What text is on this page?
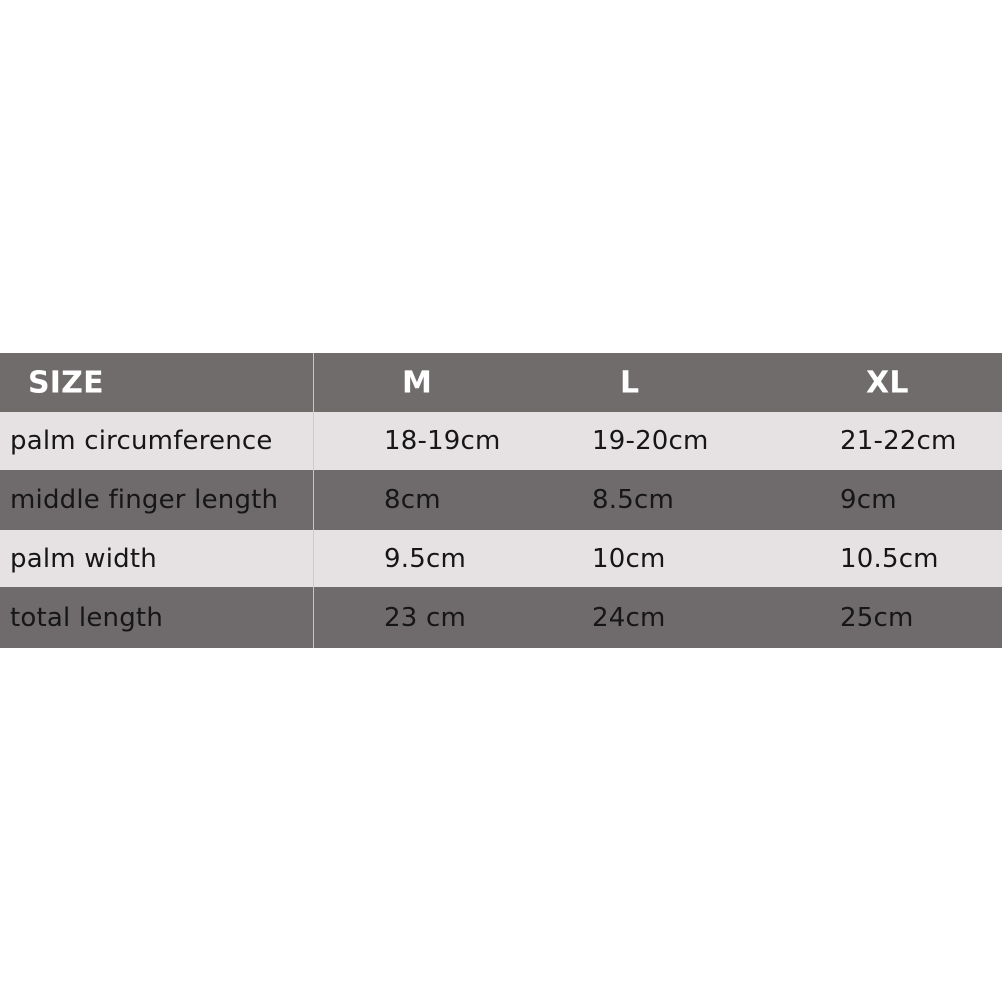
SIZE	M	L	XL
palm circumference	18-19cm	19-20cm	21-22cm
middle finger length	8cm	8.5cm	9cm
palm width	9.5cm	10cm	10.5cm
total length	23 cm	24cm	25cm
